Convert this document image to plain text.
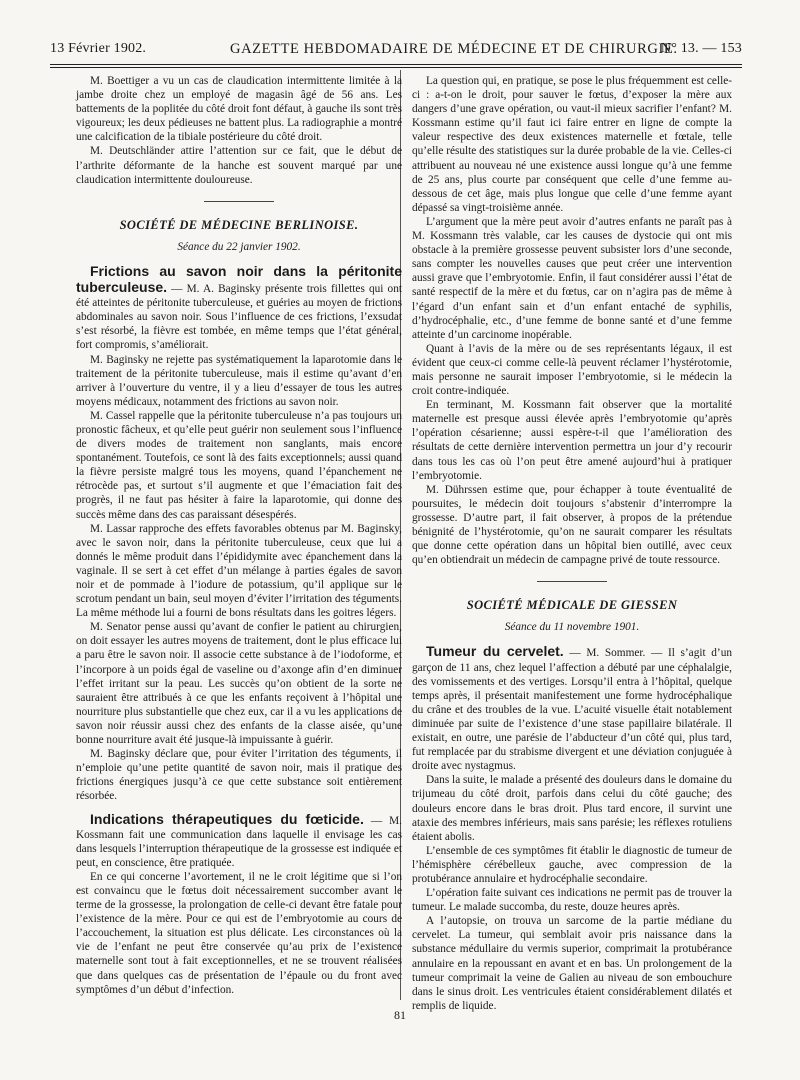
13 Février 1902.	GAZETTE HEBDOMADAIRE DE MÉDECINE ET DE CHIRURGIE.
N° 13. — 153

M. Boettiger a vu un cas de claudication intermittente limitée à la jambe droite chez un employé de magasin âgé de 56 ans. Les battements de la poplitée du côté droit font défaut, à gauche ils sont très vigoureux; les deux pédieuses ne battent plus. La radiographie a montré une calcification de la tibiale postérieure du côté droit.

M. Deutschländer attire l’attention sur ce fait, que le début de l’arthrite déformante de la hanche est souvent marqué par une claudication intermittente douloureuse.

SOCIÉTÉ DE MÉDECINE BERLINOISE.
Séance du 22 janvier 1902.

Frictions au savon noir dans la péritonite tuberculeuse. — M. A. Baginsky présente trois fillettes qui ont été atteintes de péritonite tuberculeuse, et guéries au moyen de frictions abdominales au savon noir. Sous l’influence de ces frictions, l’exsudat s’est résorbé, la fièvre est tombée, en même temps que l’état général, fort compromis, s’améliorait.

M. Baginsky ne rejette pas systématiquement la laparotomie dans le traitement de la péritonite tuberculeuse, mais il estime qu’avant d’en arriver à l’ouverture du ventre, il y a lieu d’essayer de tous les autres moyens médicaux, notamment des frictions au savon noir.

M. Cassel rappelle que la péritonite tuberculeuse n’a pas toujours un pronostic fâcheux, et qu’elle peut guérir non seulement sous l’influence de divers modes de traitement non sanglants, mais encore spontanément. Toutefois, ce sont là des faits exceptionnels; aussi quand la fièvre persiste malgré tous les moyens, quand l’épanchement ne rétrocède pas, et surtout s’il augmente et que l’émaciation fait des progrès, il ne faut pas hésiter à faire la laparotomie, qui donne des succès même dans des cas paraissant désespérés.

M. Lassar rapproche des effets favorables obtenus par M. Baginsky, avec le savon noir, dans la péritonite tuberculeuse, ceux que lui a donnés le même produit dans l’épididymite avec épanchement dans la vaginale. Il se sert à cet effet d’un mélange à parties égales de savon noir et de pommade à l’iodure de potassium, qu’il applique sur le scrotum pendant un bain, seul moyen d’éviter l’irritation des téguments. La même méthode lui a fourni de bons résultats dans les goitres légers.

M. Senator pense aussi qu’avant de confier le patient au chirurgien, on doit essayer les autres moyens de traitement, dont le plus efficace lui a paru être le savon noir. Il associe cette substance à de l’iodoforme, et l’incorpore à un poids égal de vaseline ou d’axonge afin d’en diminuer l’effet irritant sur la peau. Les succès qu’on obtient de la sorte ne sauraient être attribués à ce que les enfants reçoivent à l’hôpital une nourriture plus substantielle que chez eux, car il a vu les applications de savon noir réussir aussi chez des enfants de la classe aisée, qu’une bonne nourriture avait été jusque-là impuissante à guérir.

M. Baginsky déclare que, pour éviter l’irritation des téguments, il n’emploie qu’une petite quantité de savon noir, mais il pratique des frictions énergiques jusqu’à ce que cette substance soit entièrement résorbée.

Indications thérapeutiques du fœticide. — M. Kossmann fait une communication dans laquelle il envisage les cas dans lesquels l’interruption thérapeutique de la grossesse est indiquée et peut, en conscience, être pratiquée.

En ce qui concerne l’avortement, il ne le croit légitime que si l’on est convaincu que le fœtus doit nécessairement succomber avant le terme de la grossesse, la prolongation de celle-ci devant être fatale pour l’existence de la mère. Pour ce qui est de l’embryotomie au cours de l’accouchement, la situation est plus délicate. Les circonstances où la vie de l’enfant ne peut être conservée qu’au prix de l’existence maternelle sont tout à fait exceptionnelles, et ne se trouvent réalisées que dans quelques cas de présentation de l’épaule ou du front avec symptômes d’un début d’infection.

La question qui, en pratique, se pose le plus fréquemment est celle-ci : a-t-on le droit, pour sauver le fœtus, d’exposer la mère aux dangers d’une grave opération, ou vaut-il mieux sacrifier l’enfant? M. Kossmann estime qu’il faut ici faire entrer en ligne de compte la valeur respective des deux existences maternelle et fœtale, telle qu’elle résulte des statistiques sur la durée probable de la vie. Celles-ci attribuent au nouveau né une existence aussi longue qu’à une femme de 25 ans, plus courte par conséquent que celle d’une femme au-dessous de cet âge, mais plus longue que celle d’une femme ayant dépassé sa vingt-troisième année.

L’argument que la mère peut avoir d’autres enfants ne paraît pas à M. Kossmann très valable, car les causes de dystocie qui ont mis obstacle à la première grossesse peuvent subsister lors d’une seconde, sans compter les nouvelles causes que peut créer une intervention aussi grave que l’embryotomie. Enfin, il faut considérer aussi l’état de santé respectif de la mère et du fœtus, car on n’agira pas de même à l’égard d’un enfant sain et d’un enfant entaché de syphilis, d’hydrocéphalie, etc., d’une femme de bonne santé et d’une femme atteinte d’un carcinome inopérable.

Quant à l’avis de la mère ou de ses représentants légaux, il est évident que ceux-ci comme celle-là peuvent réclamer l’hystérotomie, mais personne ne saurait imposer l’embryotomie, si le médecin la croit contre-indiquée.

En terminant, M. Kossmann fait observer que la mortalité maternelle est presque aussi élevée après l’embryotomie qu’après l’opération césarienne; aussi espère-t-il que l’amélioration des résultats de cette dernière intervention permettra un jour d’y recourir dans tous les cas où l’on peut être amené aujourd’hui à pratiquer l’embryotomie.

M. Dührssen estime que, pour échapper à toute éventualité de poursuites, le médecin doit toujours s’abstenir d’interrompre la grossesse. D’autre part, il fait observer, à propos de la prétendue bénignité de l’hystérotomie, qu’on ne saurait comparer les résultats que donne cette opération dans un hôpital bien outillé, avec ceux qu’en obtiendrait un médecin de campagne privé de toute ressource.

SOCIÉTÉ MÉDICALE DE GIESSEN
Séance du 11 novembre 1901.

Tumeur du cervelet. — M. Sommer. — Il s’agit d’un garçon de 11 ans, chez lequel l’affection a débuté par une céphalalgie, des vomissements et des vertiges. Lorsqu’il entra à l’hôpital, quelque temps après, il présentait manifestement une forme hydrocéphalique du crâne et des troubles de la vue. L’acuité visuelle était notablement diminuée par suite de l’existence d’une stase papillaire bilatérale. Il existait, en outre, une parésie de l’abducteur d’un côté qui, plus tard, fut remplacée par du strabisme divergent et une déviation conjuguée à droite avec nystagmus.

Dans la suite, le malade a présenté des douleurs dans le domaine du trijumeau du côté droit, parfois dans celui du côté gauche; des douleurs encore dans le bras droit. Plus tard encore, il survint une ataxie des membres inférieurs, mais sans parésie; les réflexes rotuliens étaient abolis.

L’ensemble de ces symptômes fit établir le diagnostic de tumeur de l’hémisphère cérébelleux gauche, avec compression de la protubérance annulaire et hydrocéphalie secondaire.

L’opération faite suivant ces indications ne permit pas de trouver la tumeur. Le malade succomba, du reste, douze heures après.

A l’autopsie, on trouva un sarcome de la partie médiane du cervelet. La tumeur, qui semblait avoir pris naissance dans la substance médullaire du vermis superior, comprimait la protubérance annulaire en la repoussant en avant et en bas. Un prolongement de la tumeur comprimait la veine de Galien au niveau de son embouchure dans le sinus droit. Les ventricules étaient considérablement dilatés et remplis de liquide.

81
